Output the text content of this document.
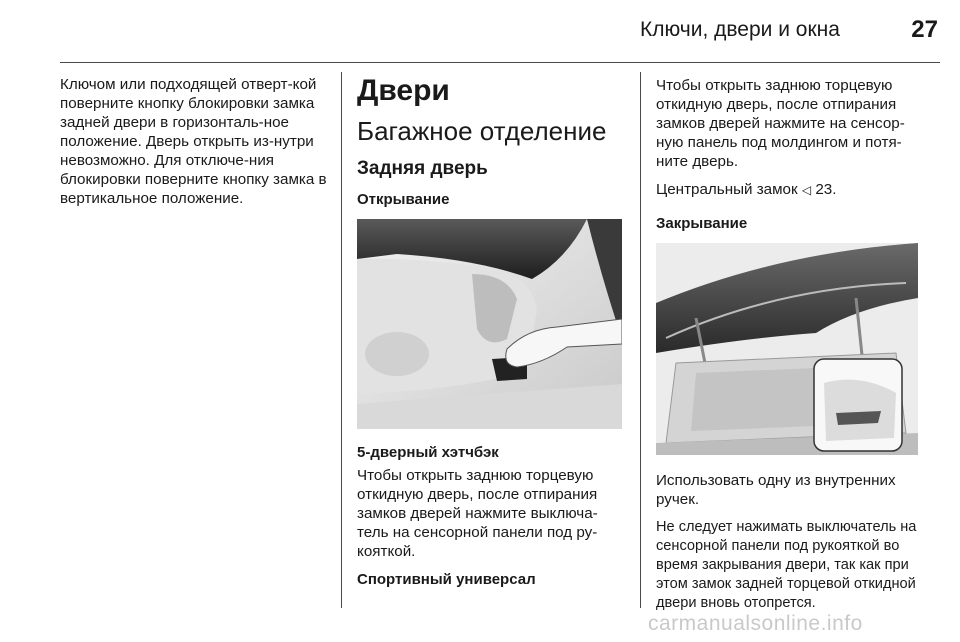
Ключи, двери и окна	27

Ключом или подходящей отверт-кой поверните кнопку блокировки замка задней двери в горизонталь-ное положение. Дверь открыть из-нутри невозможно. Для отключе-ния блокировки поверните кнопку замка в вертикальное положение.

Двери
Багажное отделение
Задняя дверь
Открывание
5-дверный хэтчбэк

Чтобы открыть заднюю торцевую откидную дверь, после отпирания замков дверей нажмите выключа-тель на сенсорной панели под ру-кояткой.

Спортивный универсал

Чтобы открыть заднюю торцевую откидную дверь, после отпирания замков дверей нажмите на сенсор-ную панель под молдингом и потя-ните дверь.

Центральный замок ◁ 23.

Закрывание

Использовать одну из внутренних ручек.

Не следует нажимать выключатель на сенсорной панели под рукояткой во время закрывания двери, так как при этом замок задней торцевой откидной двери вновь отопрется.

carmanualsonline.info
